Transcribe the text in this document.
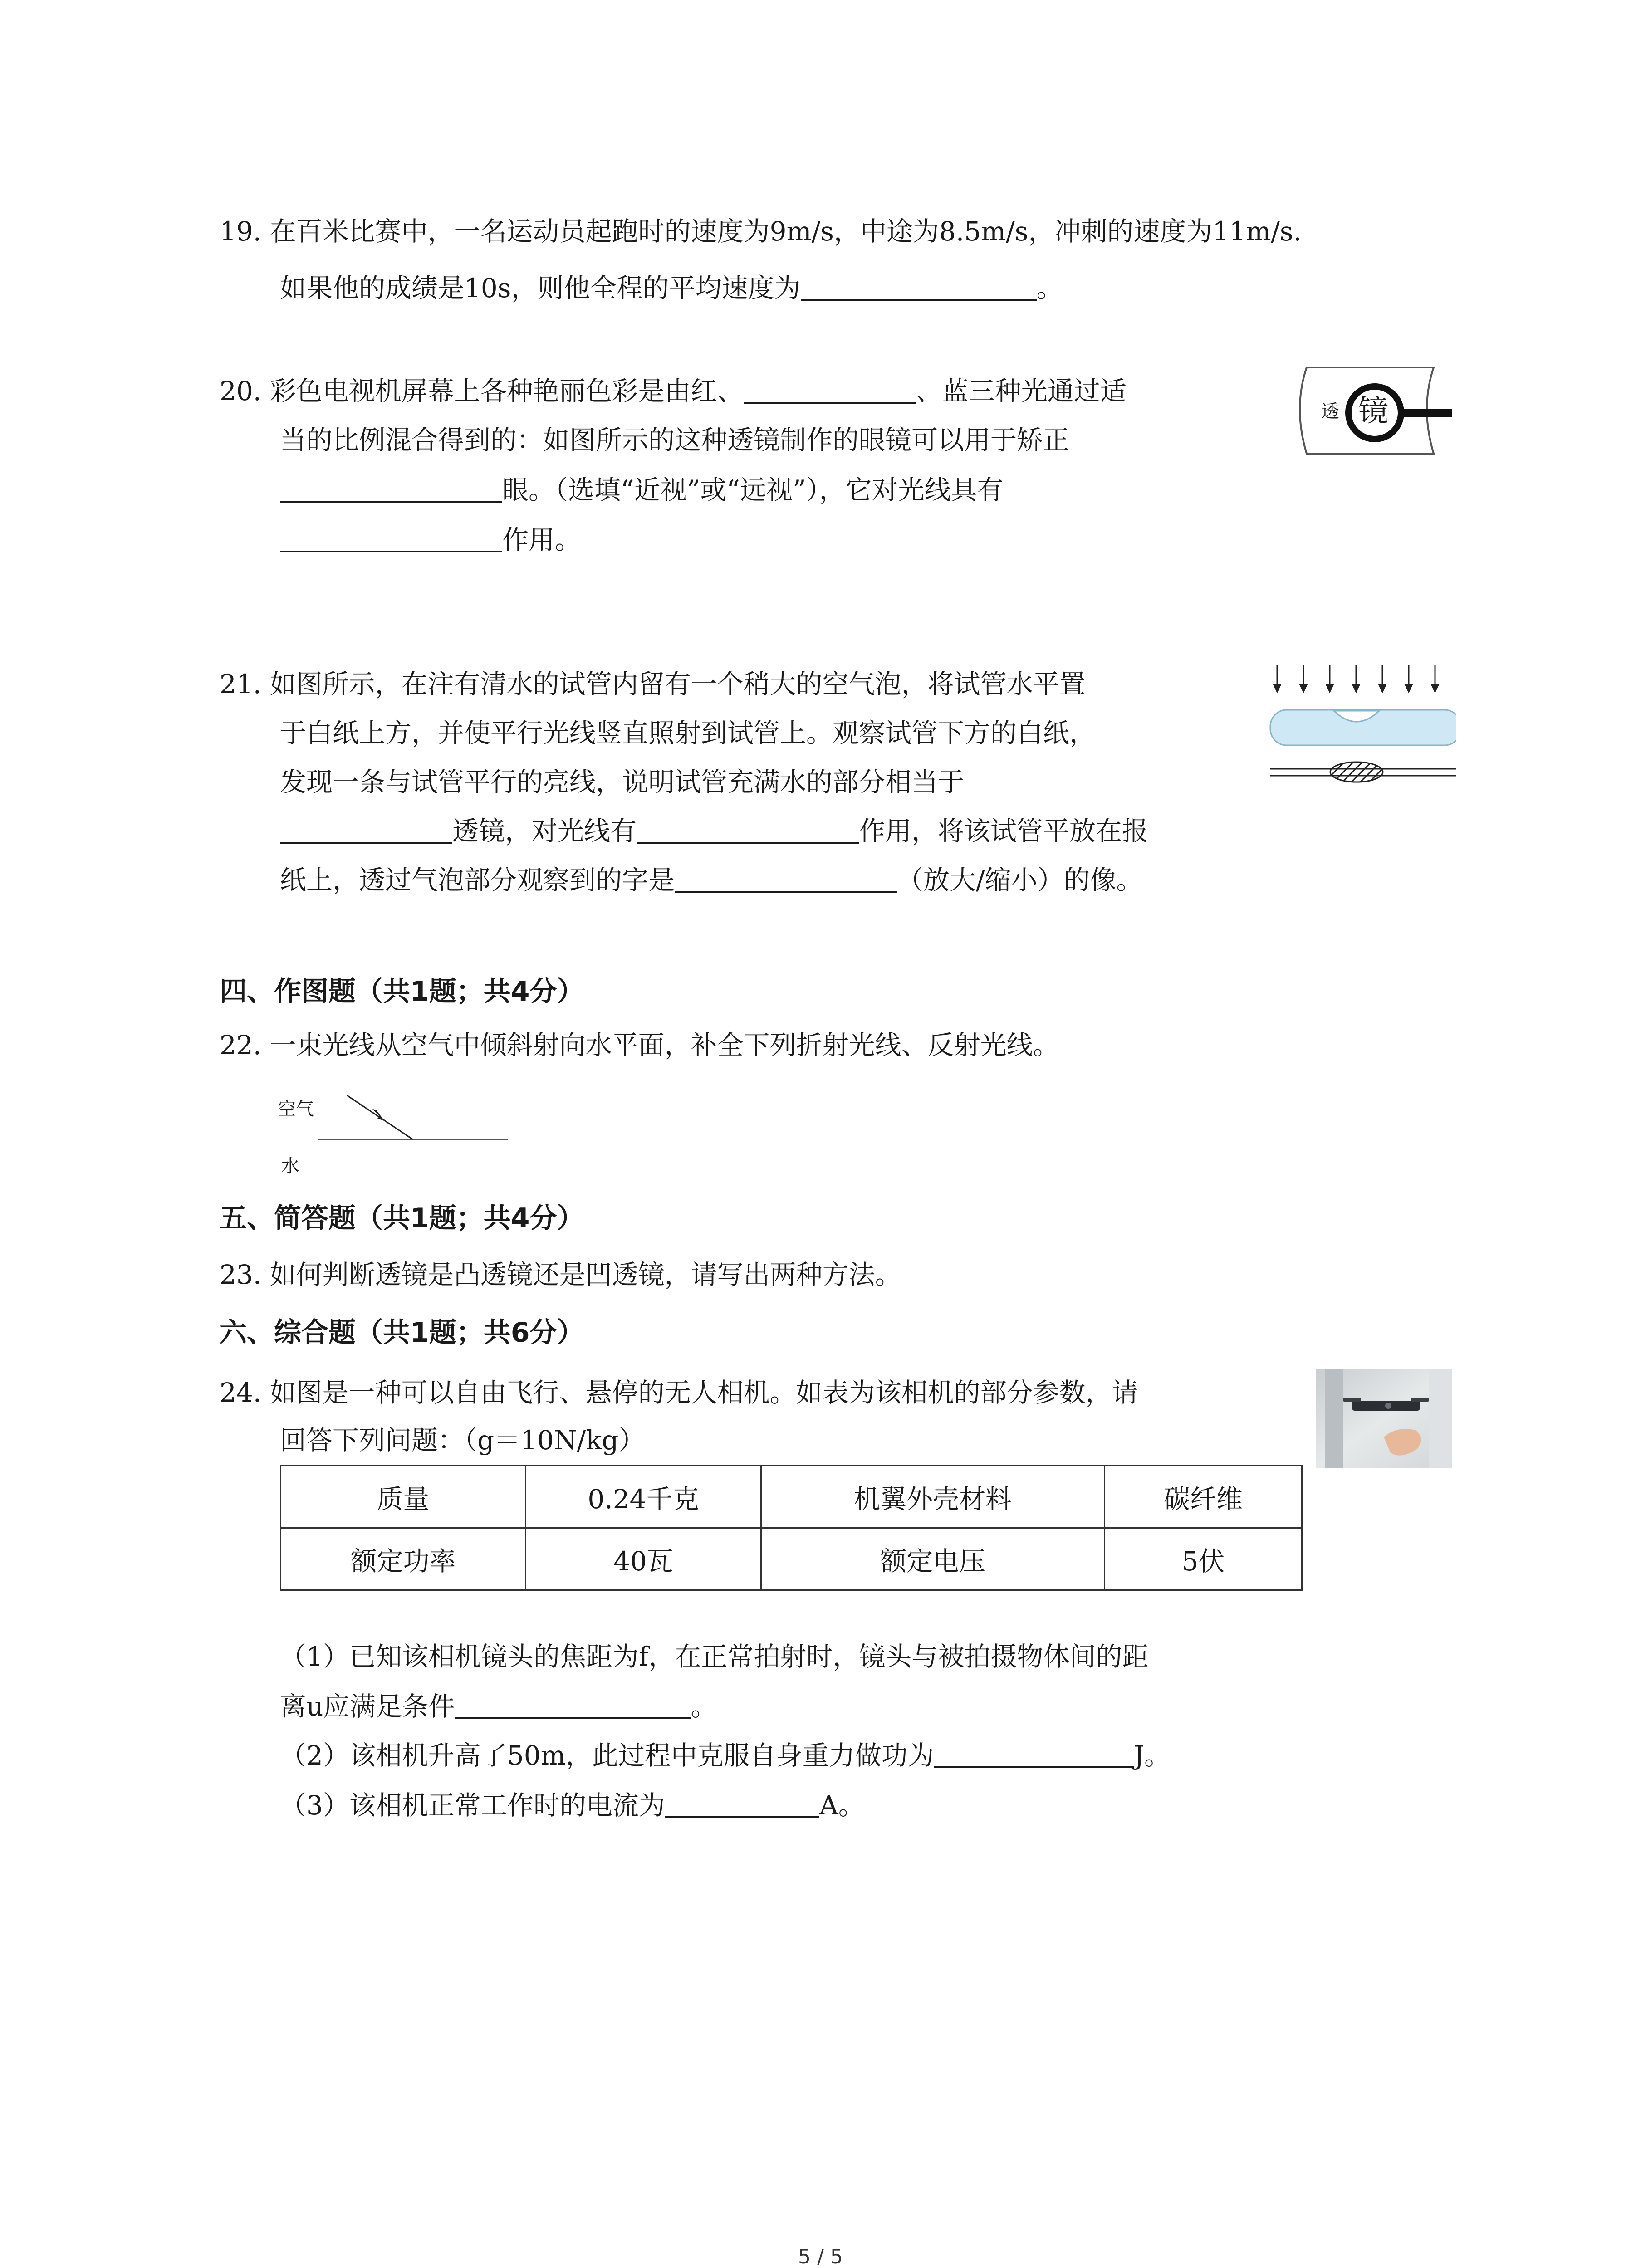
19. 在百米比赛中，一名运动员起跑时的速度为9m/s，中途为8.5m/s，冲刺的速度为11m/s.
如果他的成绩是10s，则他全程的平均速度为	。
20. 彩色电视机屏幕上各种艳丽色彩是由红、	、蓝三种光通过适
当的比例混合得到的：如图所示的这种透镜制作的眼镜可以用于矫正
眼。（选填“近视”或“远视”），它对光线具有
作用。
透 镜
21. 如图所示，在注有清水的试管内留有一个稍大的空气泡，将试管水平置
于白纸上方，并使平行光线竖直照射到试管上。观察试管下方的白纸，
发现一条与试管平行的亮线，说明试管充满水的部分相当于
透镜，对光线有	作用，将该试管平放在报
纸上，透过气泡部分观察到的字是	（放大/缩小）的像。
四、作图题（共1题；共4分）
22. 一束光线从空气中倾斜射向水平面，补全下列折射光线、反射光线。
空气
水
五、简答题（共1题；共4分）
23. 如何判断透镜是凸透镜还是凹透镜，请写出两种方法。
六、综合题（共1题；共6分）
24. 如图是一种可以自由飞行、悬停的无人相机。如表为该相机的部分参数，请
回答下列问题：（g＝10N/kg）
质量	0.24千克	机翼外壳材料	碳纤维
额定功率	40瓦	额定电压	5伏
（1）已知该相机镜头的焦距为f，在正常拍射时，镜头与被拍摄物体间的距
离u应满足条件	。
（2）该相机升高了50m，此过程中克服自身重力做功为	J。
（3）该相机正常工作时的电流为	A。
5 / 5
